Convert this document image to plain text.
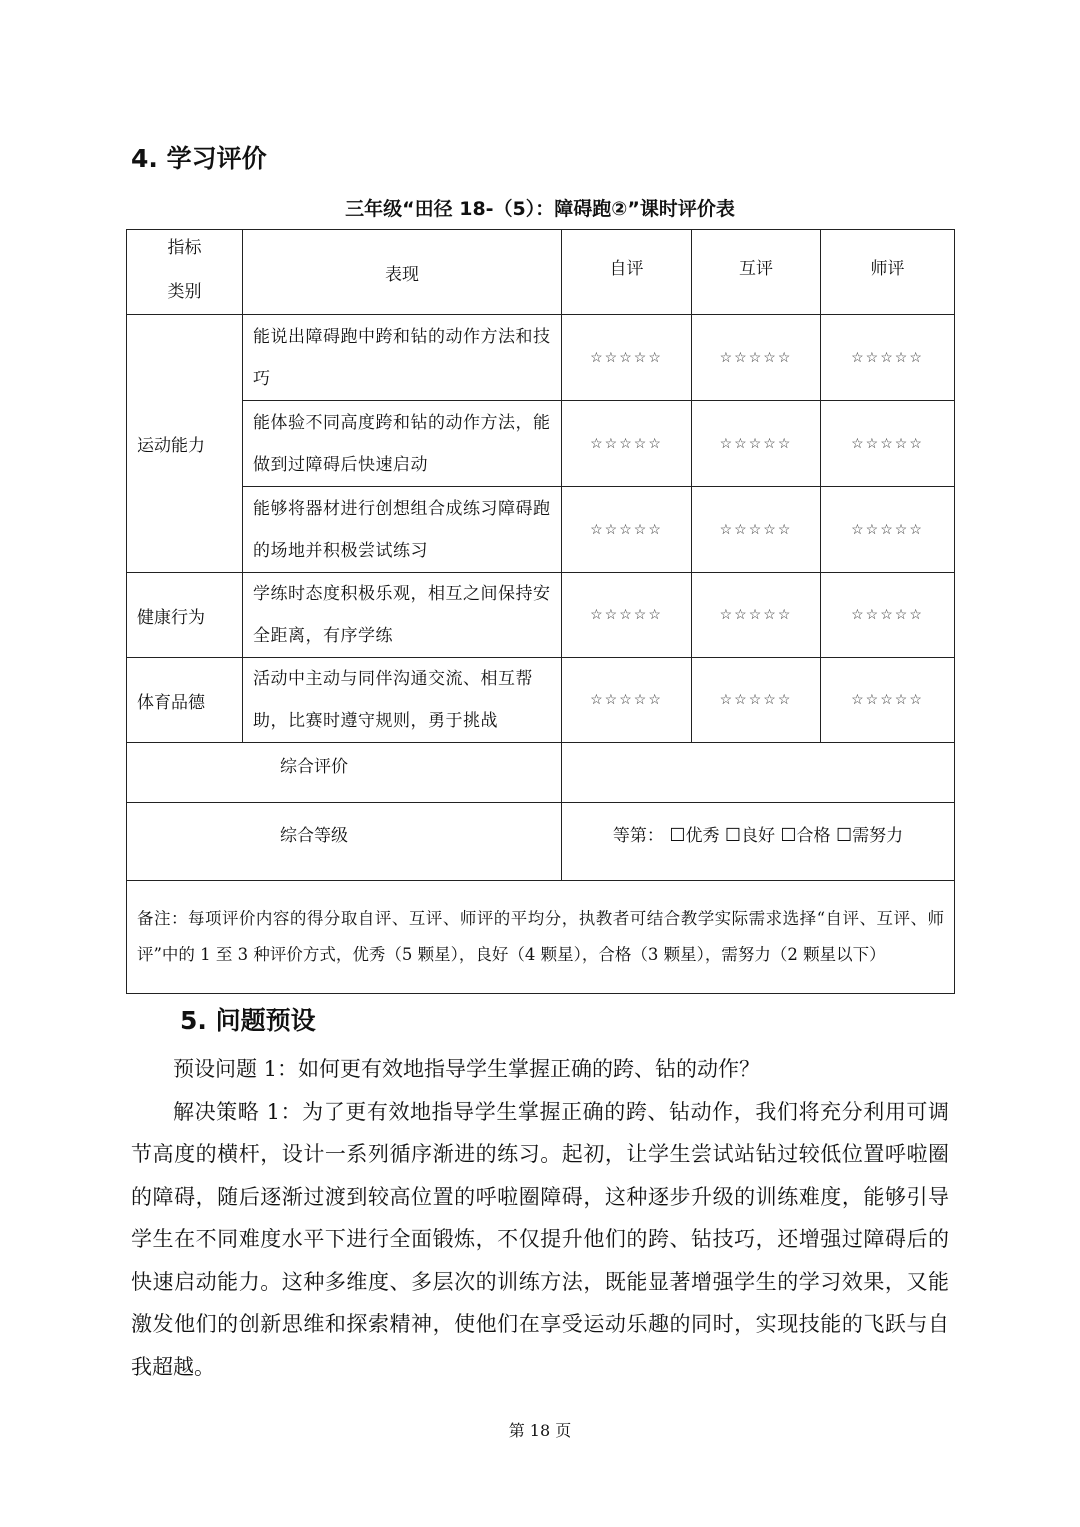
4. 学习评价

三年级“田径 18-（5）：障碍跑②”课时评价表

指标
类别	表现	自评	互评	师评
运动能力	能说出障碍跑中跨和钻的动作方法和技巧	☆☆☆☆☆	☆☆☆☆☆	☆☆☆☆☆
	能体验不同高度跨和钻的动作方法，能做到过障碍后快速启动	☆☆☆☆☆	☆☆☆☆☆	☆☆☆☆☆
	能够将器材进行创想组合成练习障碍跑的场地并积极尝试练习	☆☆☆☆☆	☆☆☆☆☆	☆☆☆☆☆
健康行为	学练时态度积极乐观，相互之间保持安全距离，有序学练	☆☆☆☆☆	☆☆☆☆☆	☆☆☆☆☆
体育品德	活动中主动与同伴沟通交流、相互帮助，比赛时遵守规则，勇于挑战	☆☆☆☆☆	☆☆☆☆☆	☆☆☆☆☆
综合评价				
综合等级		等第： ☐优秀 ☐良好 ☐合格 ☐需努力		

备注：每项评价内容的得分取自评、互评、师评的平均分，执教者可结合教学实际需求选择“自评、互评、师评”中的 1 至 3 种评价方式，优秀（5 颗星），良好（4 颗星），合格（3 颗星），需努力（2 颗星以下）				
5. 问题预设

预设问题 1：如何更有效地指导学生掌握正确的跨、钻的动作？

解决策略 1：为了更有效地指导学生掌握正确的跨、钻动作，我们将充分利用可调节高度的横杆，设计一系列循序渐进的练习。起初，让学生尝试站钻过较低位置呼啦圈的障碍，随后逐渐过渡到较高位置的呼啦圈障碍，这种逐步升级的训练难度，能够引导学生在不同难度水平下进行全面锻炼，不仅提升他们的跨、钻技巧，还增强过障碍后的快速启动能力。这种多维度、多层次的训练方法，既能显著增强学生的学习效果，又能激发他们的创新思维和探索精神，使他们在享受运动乐趣的同时，实现技能的飞跃与自我超越。

第 18 页
